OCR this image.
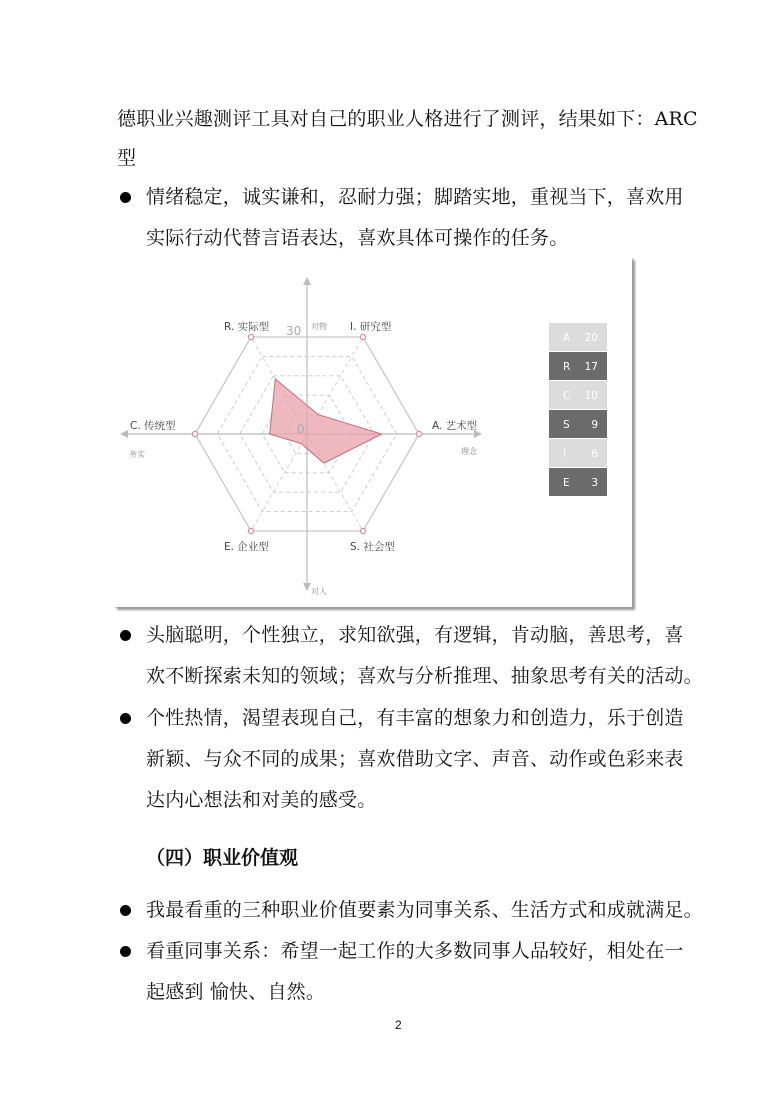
德职业兴趣测评工具对自己的职业人格进行了测评，结果如下：ARC
型
情绪稳定，诚实谦和，忍耐力强；脚踏实地，重视当下，喜欢用
实际行动代替言语表达，喜欢具体可操作的任务。
对物
对人
务实	理念
30
0
I. 研究型
A. 艺术型
S. 社会型
E. 企业型
C. 传统型
R. 实际型
A 20
R 17
C 10
S 9
I 6
E 3
头脑聪明，个性独立，求知欲强，有逻辑，肯动脑，善思考，喜
欢不断探索未知的领域；喜欢与分析推理、抽象思考有关的活动。
个性热情，渴望表现自己，有丰富的想象力和创造力，乐于创造
新颖、与众不同的成果；喜欢借助文字、声音、动作或色彩来表
达内心想法和对美的感受。
（四）职业价值观
我最看重的三种职业价值要素为同事关系、生活方式和成就满足。
看重同事关系：希望一起工作的大多数同事人品较好，相处在一
起感到 愉快、自然。
2
